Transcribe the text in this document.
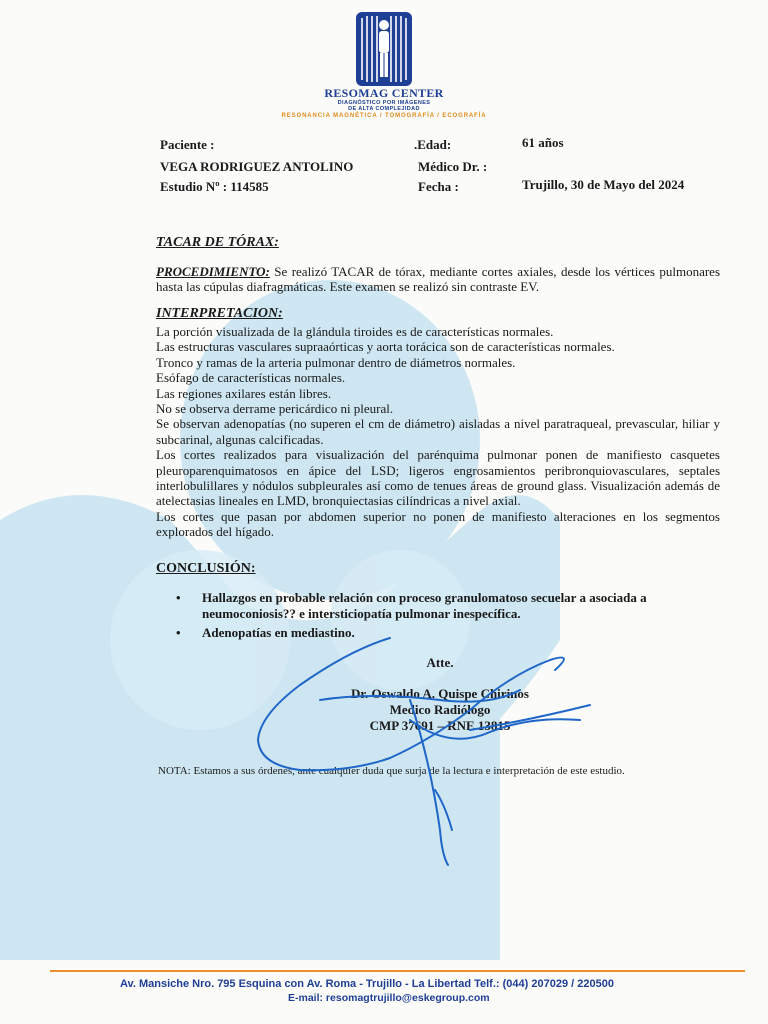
RESOMAG CENTER
DIAGNÓSTICO POR IMÁGENES
DE ALTA COMPLEJIDAD
RESONANCIA MAGNÉTICA / TOMOGRAFÍA / ECOGRAFÍA
Paciente :
VEGA RODRIGUEZ ANTOLINO
Estudio Nº : 114585
.Edad:	61 años
Médico Dr. :
Fecha :	Trujillo, 30 de Mayo del 2024
TACAR DE TÓRAX:
PROCEDIMIENTO: Se realizó TACAR de tórax, mediante cortes axiales, desde los vértices pulmonares hasta las cúpulas diafragmáticas. Este examen se realizó sin contraste EV.
INTERPRETACION:

La porción visualizada de la glándula tiroides es de características normales.

Las estructuras vasculares supraaórticas y aorta torácica son de características normales.

Tronco y ramas de la arteria pulmonar dentro de diámetros normales.

Esófago de características normales.

Las regiones axilares están libres.

No se observa derrame pericárdico ni pleural.

Se observan adenopatías (no superen el cm de diámetro) aisladas a nivel paratraqueal, prevascular, hiliar y subcarinal, algunas calcificadas.

Los cortes realizados para visualización del parénquima pulmonar ponen de manifiesto casquetes pleuroparenquimatosos en ápice del LSD; ligeros engrosamientos peribronquiovasculares, septales interlobulillares y nódulos subpleurales así como de tenues áreas de ground glass. Visualización además de atelectasias lineales en LMD, bronquiectasias cilíndricas a nivel axial.

Los cortes que pasan por abdomen superior no ponen de manifiesto alteraciones en los segmentos explorados del hígado.

CONCLUSIÓN:
• Hallazgos en probable relación con proceso granulomatoso secuelar a asociada a neumoconiosis?? e intersticiopatía pulmonar inespecífica.
• Adenopatías en mediastino.
Atte.
Dr. Oswaldo A. Quispe Chirinos
Medico Radiólogo
CMP 37691 – RNE 13815
NOTA: Estamos a sus órdenes, ante cualquier duda que surja de la lectura e interpretación de este estudio.
Av. Mansiche Nro. 795 Esquina con Av. Roma - Trujillo - La Libertad Telf.: (044) 207029 / 220500
E-mail: resomagtrujillo@eskegroup.com
